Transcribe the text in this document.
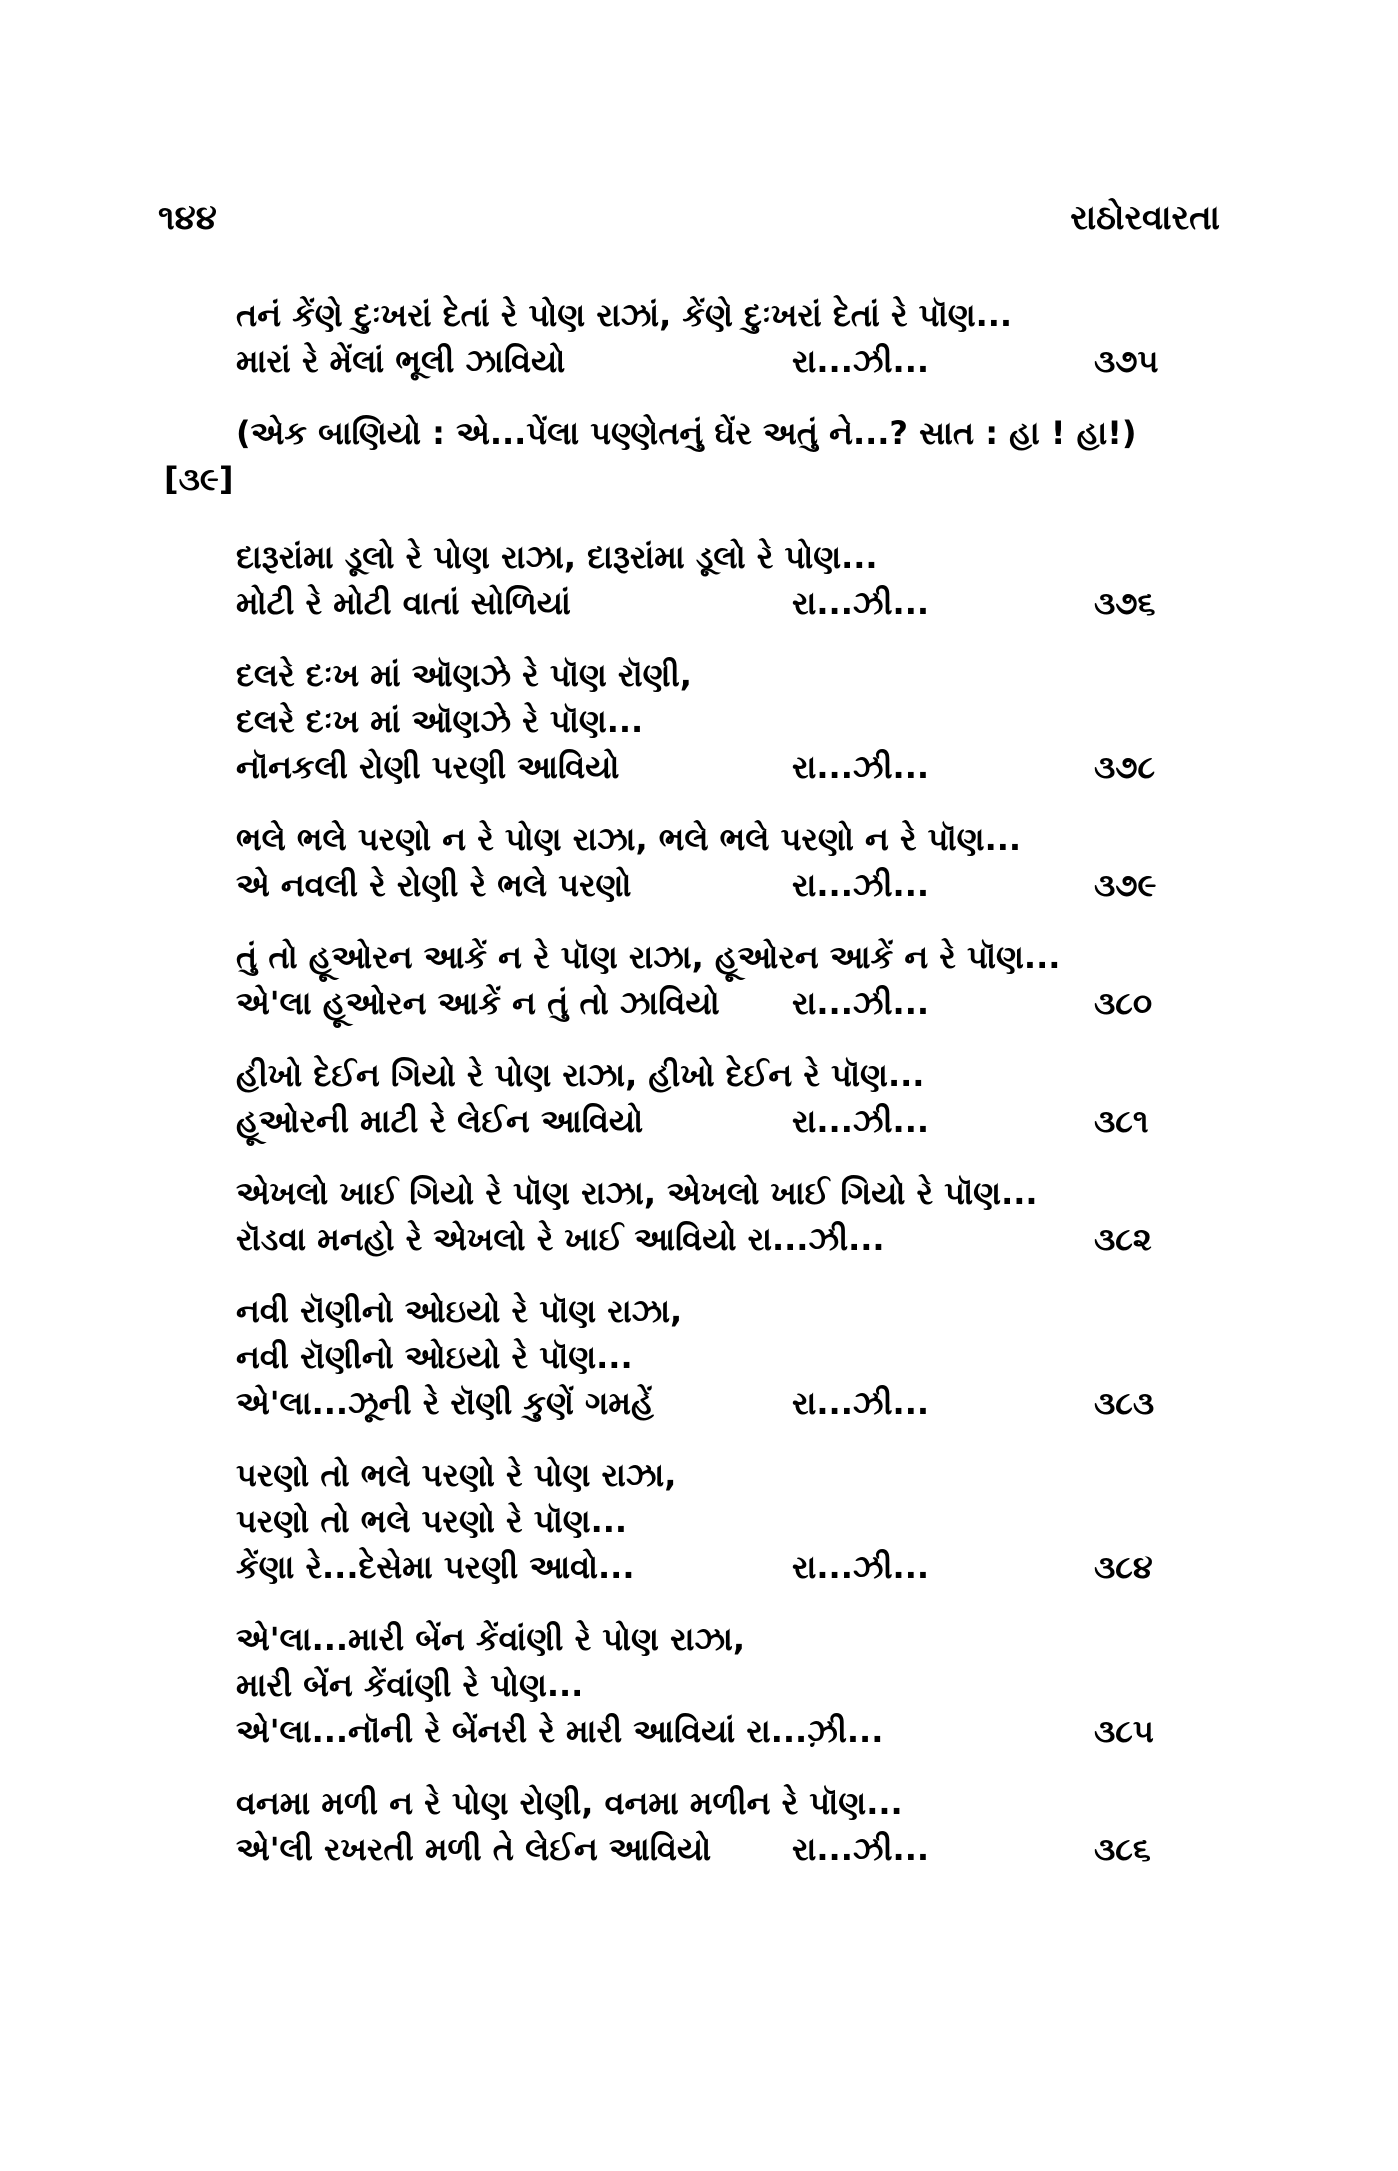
૧૪૪	રાઠોરવારતા
તનં કેંણે દુઃખરાં દેતાં રે પોણ રાઝાં, કેંણે દુઃખરાં દેતાં રે પૉણ...
મારાં રે મેંલાં ભૂલી ઝાવિયો	રા...ઝી...	૩૭૫
(એક બાણિયો : એ...પેંલા પણ્ણેતનું ઘેંર અતું ને...? સાત : હા ! હા!)
[૩૯]
દારૂરાંમા ડૂલો રે પોણ રાઝા, દારૂરાંમા ડૂલો રે પોણ...
મોટી રે મોટી વાતાં સોળિયાં	રા...ઝી...	૩૭૬
દલરે દઃખ માં ઑણઝે રે પૉણ રૉણી,
દલરે દઃખ માં ઑણઝે રે પૉણ...
નૉનકલી રોણી પરણી આવિયો	રા...ઝી...	૩૭૮
ભલે ભલે પરણો ન રે પોણ રાઝા, ભલે ભલે પરણો ન રે પૉણ...
એ નવલી રે રોણી રે ભલે પરણો	રા...ઝી...	૩૭૯
તું તો હૂઓરન આકેં ન રે પૉણ રાઝા, હૂઓરન આકેં ન રે પૉણ...
એ'લા હૂઓરન આકેં ન તું તો ઝાવિયો રા...ઝી...	૩૮૦
હીખો દેઈન ગિયો રે પોણ રાઝા, હીખો દેઈન રે પૉણ...
હૂઓરની માટી રે લેઈન આવિયો	રા...ઝી...	૩૮૧
એખલો ખાઈ ગિયો રે પૉણ રાઝા, એખલો ખાઈ ગિયો રે પૉણ...
રૉડવા મનહો રે એખલો રે ખાઈ આવિયો રા...ઝી...	૩૮૨
નવી રૉણીનો ઓઇયો રે પૉણ રાઝા,
નવી રૉણીનો ઓઇયો રે પૉણ...
એ'લા...ઝૂની રે રૉણી કુણેં ગમહેં	રા...ઝી...	૩૮૩
પરણો તો ભલે પરણો રે પોણ રાઝા,
પરણો તો ભલે પરણો રે પૉણ...
કેંણા રે...દેસેમા પરણી આવો...	રા...ઝી...	૩૮૪
એ'લા...મારી બેંન કેંવાંણી રે પોણ રાઝા,
મારી બેંન કેંવાંણી રે પોણ...
એ'લા...નૉની રે બેંનરી રે મારી આવિયાં રા...ઝ઼ી...	૩૮૫
વનમા મળી ન રે પોણ રોણી, વનમા મળીન રે પૉણ...
એ'લી રખરતી મળી તે લેઈન આવિયો	રા...ઝી...	૩૮૬
